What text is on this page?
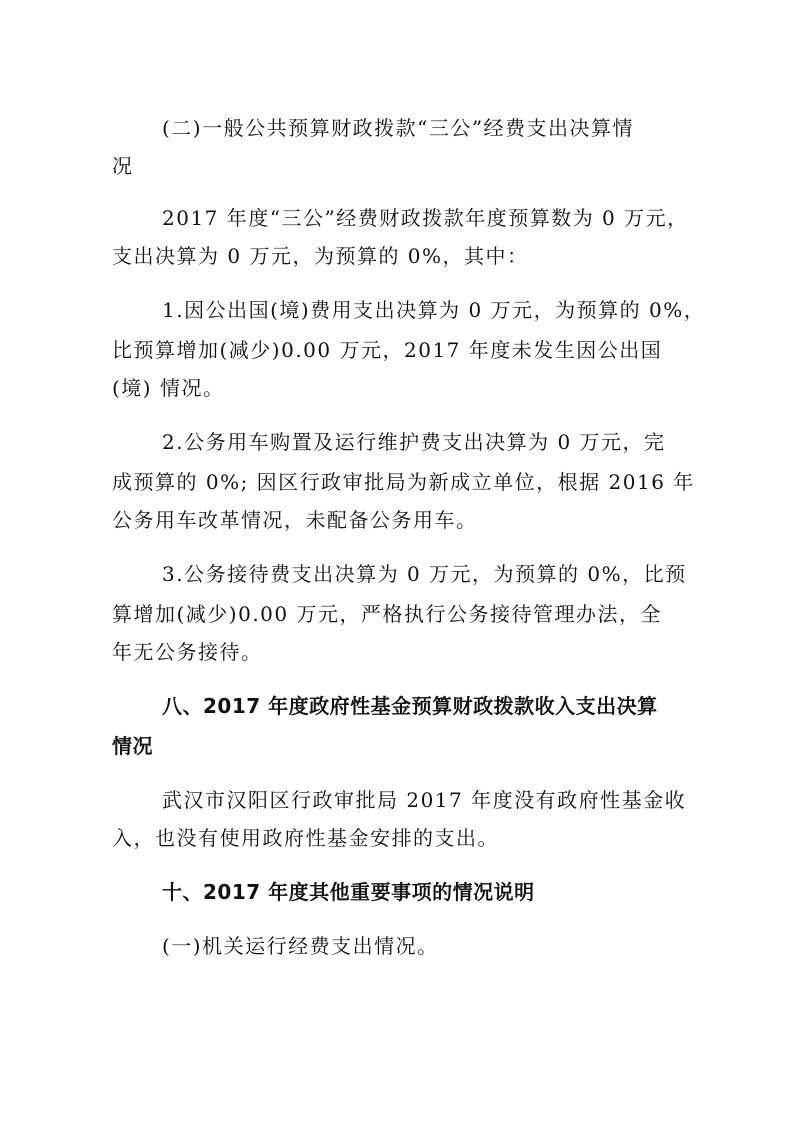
(二)一般公共预算财政拨款“三公”经费支出决算情
况
2017 年度“三公”经费财政拨款年度预算数为 0 万元，
支出决算为 0 万元，为预算的 0%，其中：
1.因公出国(境)费用支出决算为 0 万元，为预算的 0%，
比预算增加(减少)0.00 万元，2017 年度未发生因公出国
(境) 情况。
2.公务用车购置及运行维护费支出决算为 0 万元，完
成预算的 0%; 因区行政审批局为新成立单位，根据 2016 年
公务用车改革情况，未配备公务用车。
3.公务接待费支出决算为 0 万元，为预算的 0%，比预
算增加(减少)0.00 万元，严格执行公务接待管理办法，全
年无公务接待。
八、2017 年度政府性基金预算财政拨款收入支出决算
情况
武汉市汉阳区行政审批局 2017 年度没有政府性基金收
入，也没有使用政府性基金安排的支出。
十、2017 年度其他重要事项的情况说明
(一)机关运行经费支出情况。
